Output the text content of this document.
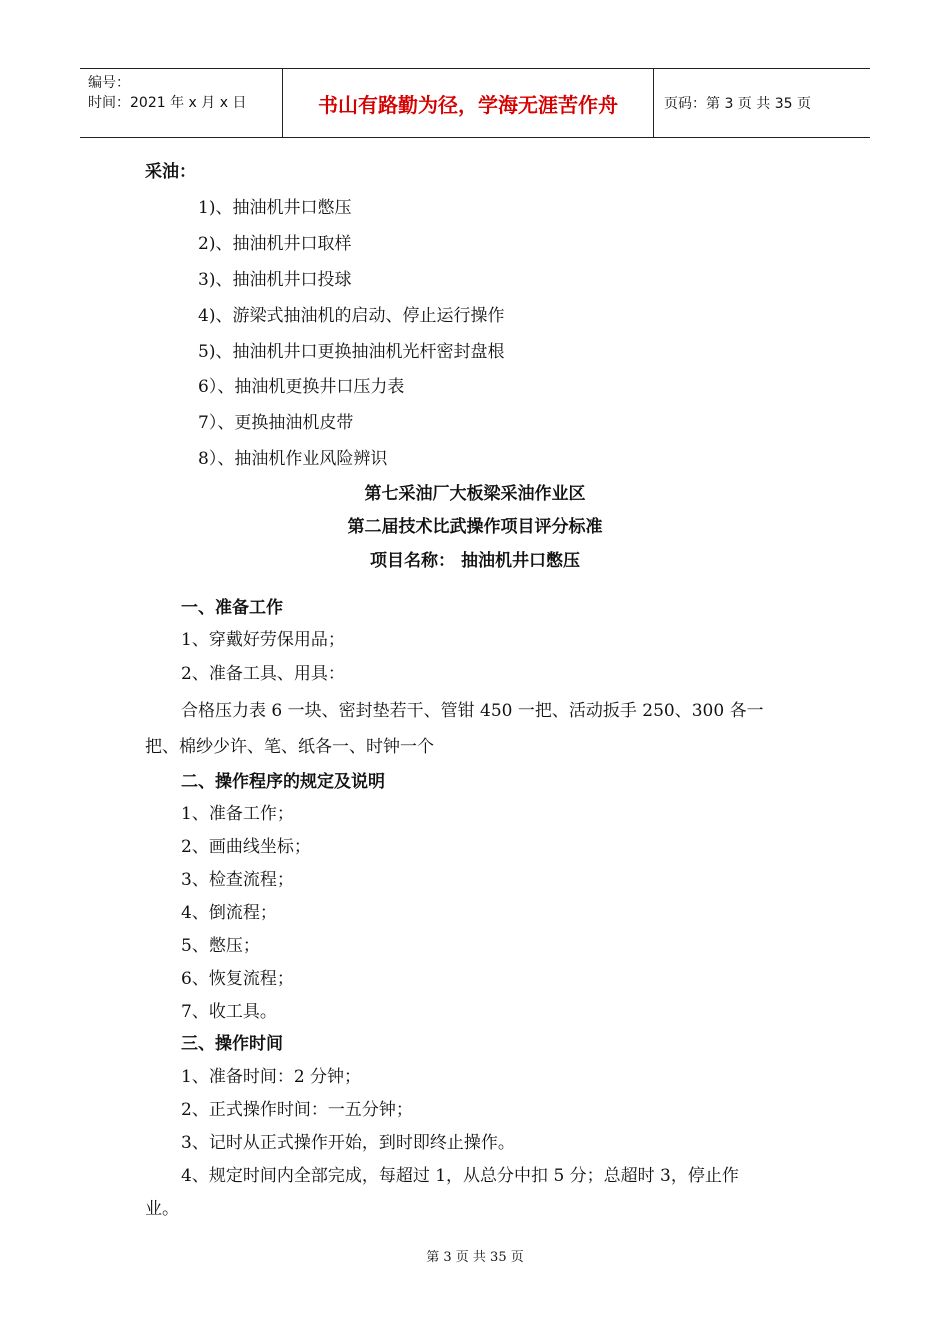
编号：
时间：2021 年 x 月 x 日	书山有路勤为径，学海无涯苦作舟	页码：第 3 页 共 35 页
采油：
1)、抽油机井口憋压
2)、抽油机井口取样
3)、抽油机井口投球
4)、游梁式抽油机的启动、停止运行操作
5)、抽油机井口更换抽油机光杆密封盘根
6）、抽油机更换井口压力表
7）、更换抽油机皮带
8）、抽油机作业风险辨识
第七采油厂大板梁采油作业区
第二届技术比武操作项目评分标准
项目名称： 抽油机井口憋压
一、准备工作
1、穿戴好劳保用品；
2、准备工具、用具：
合格压力表 6 一块、密封垫若干、管钳 450 一把、活动扳手 250、300 各一
把、棉纱少许、笔、纸各一、时钟一个
二、操作程序的规定及说明
1、准备工作；
2、画曲线坐标；
3、检查流程；
4、倒流程；
5、憋压；
6、恢复流程；
7、收工具。
三、操作时间
1、准备时间：2 分钟；
2、正式操作时间：一五分钟；
3、记时从正式操作开始，到时即终止操作。
4、规定时间内全部完成，每超过 1，从总分中扣 5 分；总超时 3，停止作
业。
第 3 页 共 35 页
